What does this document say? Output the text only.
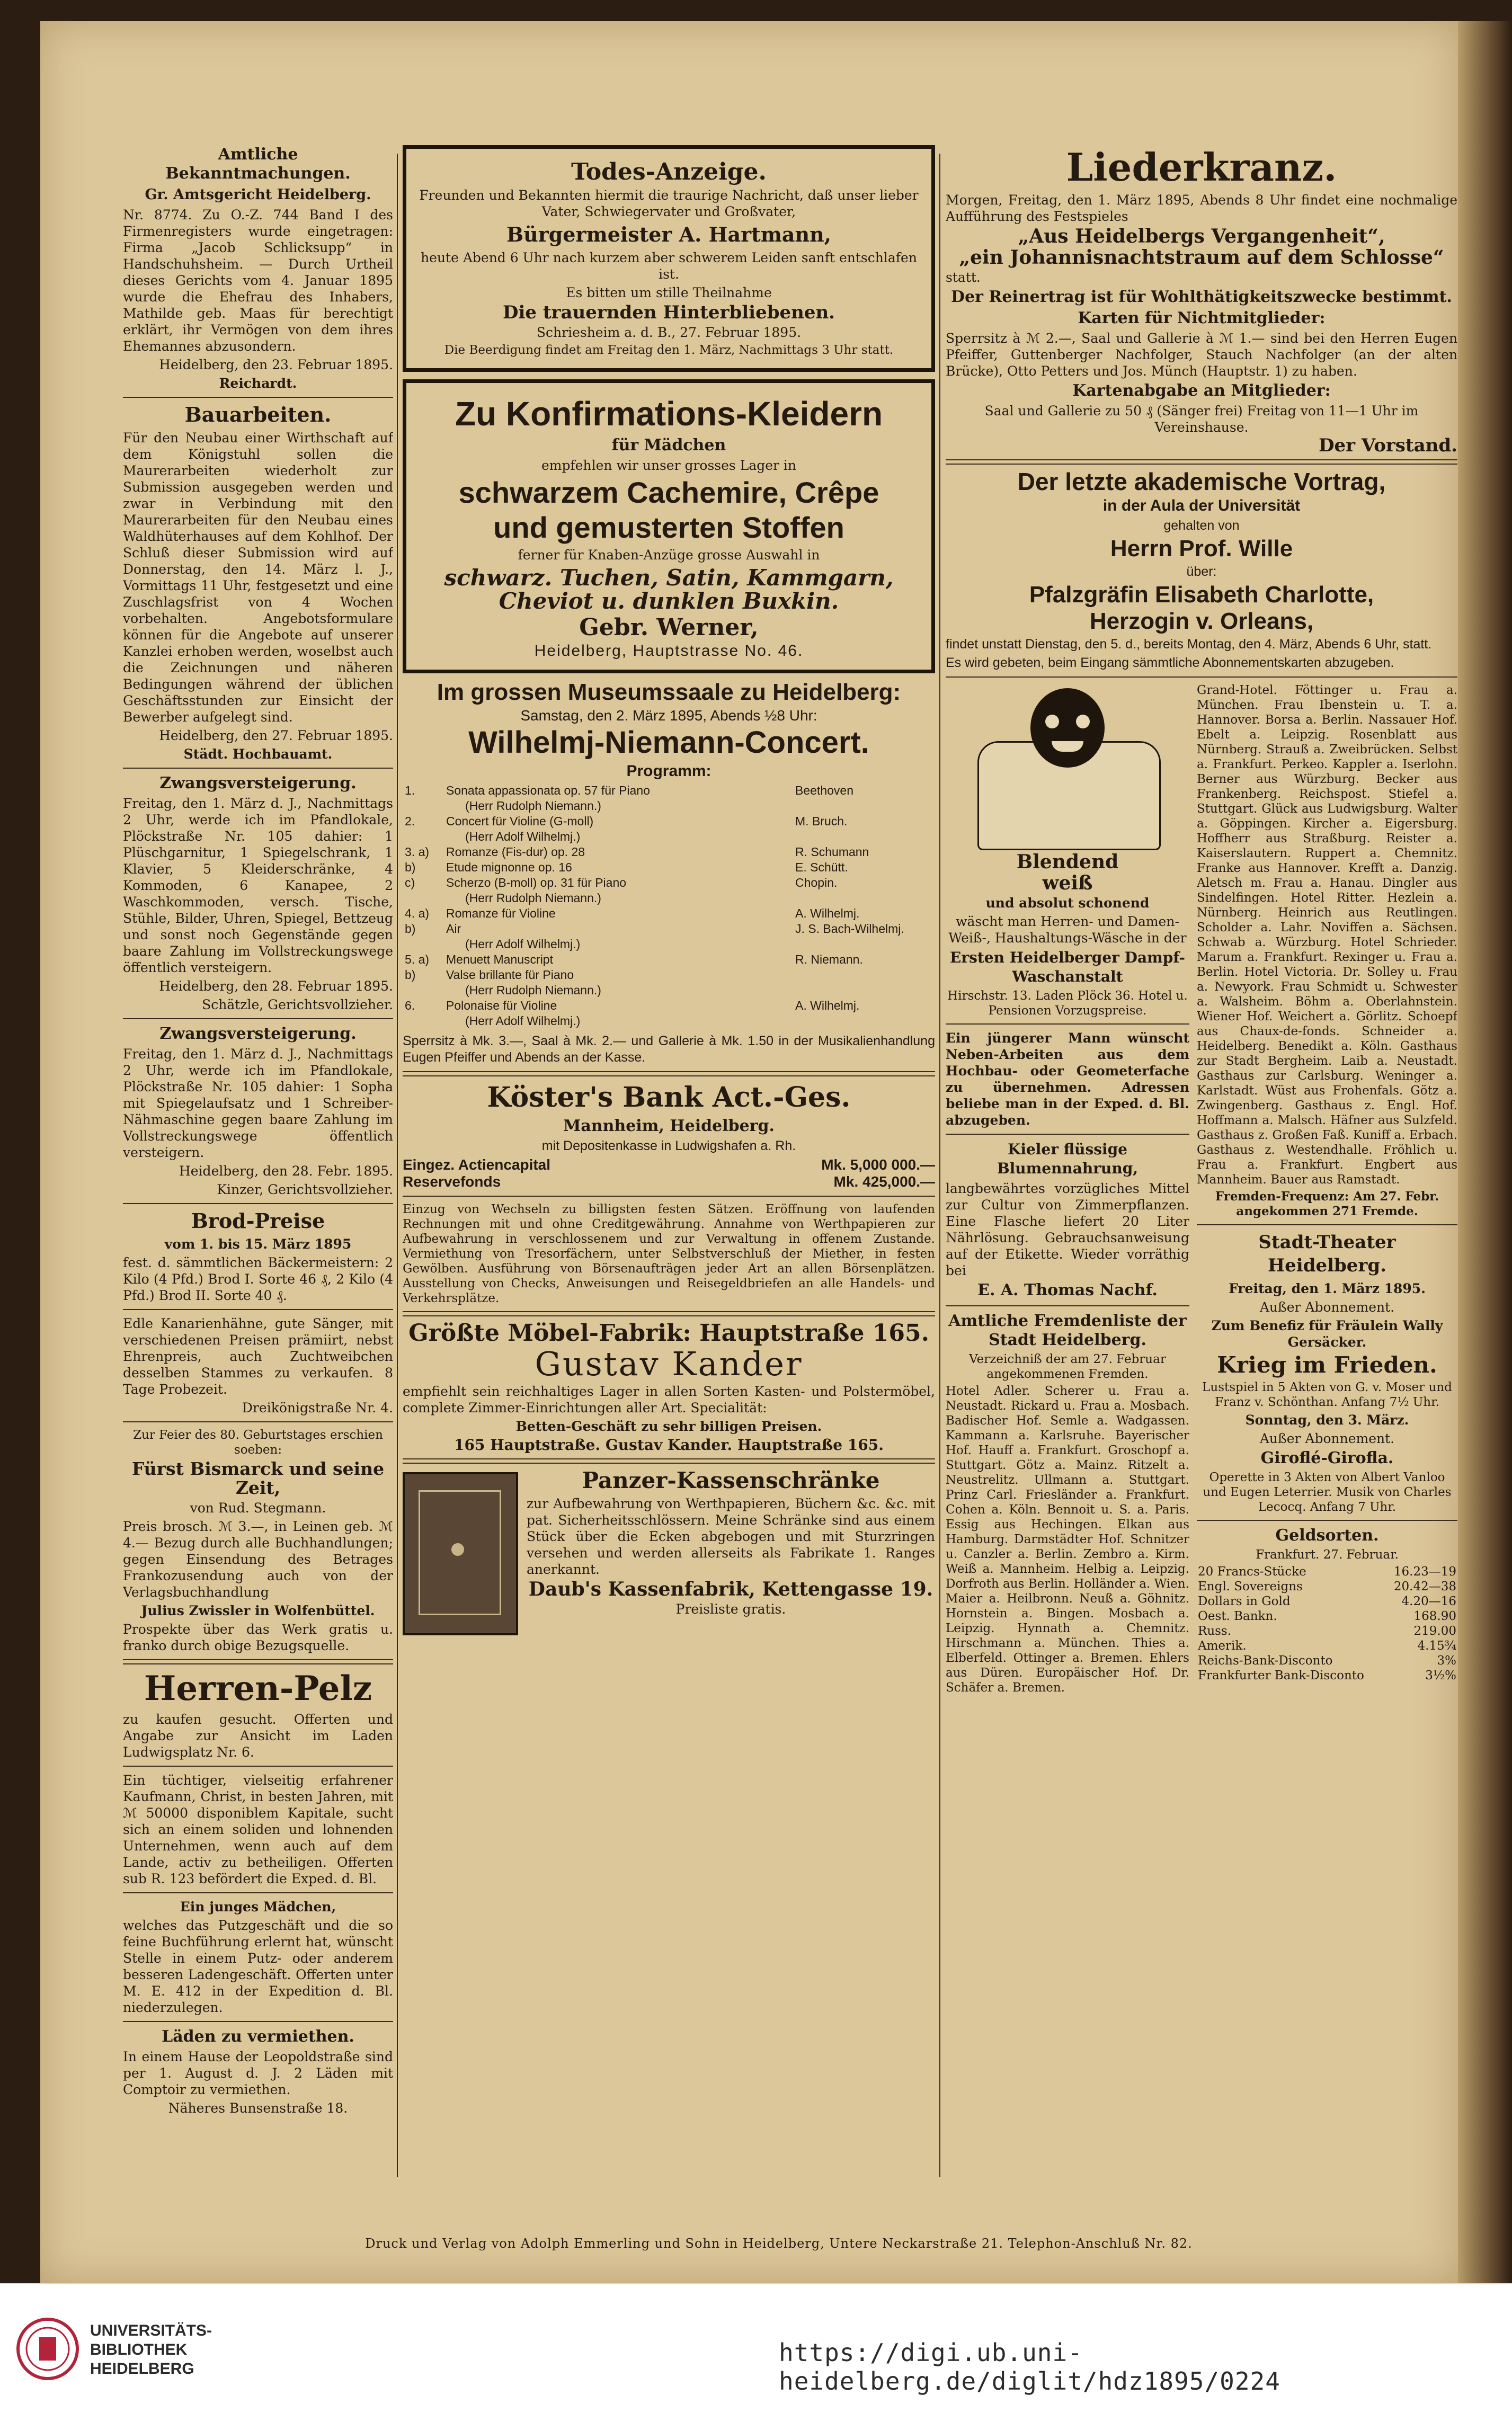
Amtliche Bekanntmachungen.

Gr. Amtsgericht Heidelberg.

Nr. 8774. Zu O.-Z. 744 Band I des Firmenregisters wurde eingetragen: Firma „Jacob Schlicksupp“ in Handschuhsheim. — Durch Urtheil dieses Gerichts vom 4. Januar 1895 wurde die Ehefrau des Inhabers, Mathilde geb. Maas für berechtigt erklärt, ihr Vermögen von dem ihres Ehemannes abzusondern.

Heidelberg, den 23. Februar 1895.

Reichardt.

Bauarbeiten.

Für den Neubau einer Wirthschaft auf dem Königstuhl sollen die Maurerarbeiten wiederholt zur Submission ausgegeben werden und zwar in Verbindung mit den Maurerarbeiten für den Neubau eines Waldhüterhauses auf dem Kohlhof. Der Schluß dieser Submission wird auf Donnerstag, den 14. März l. J., Vormittags 11 Uhr, festgesetzt und eine Zuschlagsfrist von 4 Wochen vorbehalten. Angebotsformulare können für die Angebote auf unserer Kanzlei erhoben werden, woselbst auch die Zeichnungen und näheren Bedingungen während der üblichen Geschäftsstunden zur Einsicht der Bewerber aufgelegt sind.

Heidelberg, den 27. Februar 1895.

Städt. Hochbauamt.

Zwangsversteigerung.

Freitag, den 1. März d. J., Nachmittags 2 Uhr, werde ich im Pfandlokale, Plöckstraße Nr. 105 dahier: 1 Plüschgarnitur, 1 Spiegelschrank, 1 Klavier, 5 Kleiderschränke, 4 Kommoden, 6 Kanapee, 2 Waschkommoden, versch. Tische, Stühle, Bilder, Uhren, Spiegel, Bettzeug und sonst noch Gegenstände gegen baare Zahlung im Vollstreckungswege öffentlich versteigern.

Heidelberg, den 28. Februar 1895.

Schätzle, Gerichtsvollzieher.

Zwangsversteigerung.

Freitag, den 1. März d. J., Nachmittags 2 Uhr, werde ich im Pfandlokale, Plöckstraße Nr. 105 dahier: 1 Sopha mit Spiegelaufsatz und 1 Schreiber-Nähmaschine gegen baare Zahlung im Vollstreckungswege öffentlich versteigern.

Heidelberg, den 28. Febr. 1895.

Kinzer, Gerichtsvollzieher.

Brod-Preise

vom 1. bis 15. März 1895

fest. d. sämmtlichen Bäckermeistern: 2 Kilo (4 Pfd.) Brod I. Sorte 46 ₰, 2 Kilo (4 Pfd.) Brod II. Sorte 40 ₰.

Edle Kanarienhähne, gute Sänger, mit verschiedenen Preisen prämiirt, nebst Ehrenpreis, auch Zuchtweibchen desselben Stammes zu verkaufen. 8 Tage Probezeit.

Dreikönigstraße Nr. 4.

Zur Feier des 80. Geburtstages erschien soeben:

Fürst Bismarck und seine Zeit,

von Rud. Stegmann.

Preis brosch. ℳ 3.—, in Leinen geb. ℳ 4.— Bezug durch alle Buchhandlungen; gegen Einsendung des Betrages Frankozusendung auch von der Verlagsbuchhandlung

Julius Zwissler in Wolfenbüttel.

Prospekte über das Werk gratis u. franko durch obige Bezugsquelle.

Herren-Pelz

zu kaufen gesucht. Offerten und Angabe zur Ansicht im Laden Ludwigsplatz Nr. 6.

Ein tüchtiger, vielseitig erfahrener Kaufmann, Christ, in besten Jahren, mit ℳ 50000 disponiblem Kapitale, sucht sich an einem soliden und lohnenden Unternehmen, wenn auch auf dem Lande, activ zu betheiligen. Offerten sub R. 123 befördert die Exped. d. Bl.

Ein junges Mädchen,

welches das Putzgeschäft und die so feine Buchführung erlernt hat, wünscht Stelle in einem Putz- oder anderem besseren Ladengeschäft. Offerten unter M. E. 412 in der Expedition d. Bl. niederzulegen.

Läden zu vermiethen.

In einem Hause der Leopoldstraße sind per 1. August d. J. 2 Läden mit Comptoir zu vermiethen.

Näheres Bunsenstraße 18.

Todes-Anzeige.

Freunden und Bekannten hiermit die traurige Nachricht, daß unser lieber Vater, Schwiegervater und Großvater,

Bürgermeister A. Hartmann,

heute Abend 6 Uhr nach kurzem aber schwerem Leiden sanft entschlafen ist.

Es bitten um stille Theilnahme

Die trauernden Hinterbliebenen.

Schriesheim a. d. B., 27. Februar 1895.

Die Beerdigung findet am Freitag den 1. März, Nachmittags 3 Uhr statt.

Zu Konfirmations-Kleidern

für Mädchen

empfehlen wir unser grosses Lager in

schwarzem Cachemire, Crêpe

und gemusterten Stoffen

ferner für Knaben-Anzüge grosse Auswahl in

schwarz. Tuchen, Satin, Kammgarn, Cheviot u. dunklen Buxkin.

Gebr. Werner,

Heidelberg, Hauptstrasse No. 46.

Im grossen Museumssaale zu Heidelberg:

Samstag, den 2. März 1895, Abends ½8 Uhr:

Wilhelmj-Niemann-Concert.

Programm:

1.	Sonata appassionata op. 57 für Piano	Beethoven
	(Herr Rudolph Niemann.)	
2.	Concert für Violine (G-moll)	M. Bruch.
	(Herr Adolf Wilhelmj.)	
3. a)	Romanze (Fis-dur) op. 28	R. Schumann
b)	Etude mignonne op. 16	E. Schütt.
c)	Scherzo (B-moll) op. 31 für Piano	Chopin.
	(Herr Rudolph Niemann.)	
4. a)	Romanze für Violine	A. Wilhelmj.
b)	Air	J. S. Bach-Wilhelmj.
	(Herr Adolf Wilhelmj.)	
5. a)	Menuett Manuscript	R. Niemann.
b)	Valse brillante für Piano	
	(Herr Rudolph Niemann.)	
6.	Polonaise für Violine	A. Wilhelmj.
	(Herr Adolf Wilhelmj.)	

Sperrsitz à Mk. 3.—, Saal à Mk. 2.— und Gallerie à Mk. 1.50 in der Musikalienhandlung Eugen Pfeiffer und Abends an der Kasse.

Köster's Bank Act.-Ges.

Mannheim, Heidelberg.

mit Depositenkasse in Ludwigshafen a. Rh.

Eingez. Actiencapital	Mk. 5,000 000.—
Reservefonds	Mk. 425,000.—

Einzug von Wechseln zu billigsten festen Sätzen. Eröffnung von laufenden Rechnungen mit und ohne Creditgewährung. Annahme von Werthpapieren zur Aufbewahrung in verschlossenem und zur Verwaltung in offenem Zustande. Vermiethung von Tresorfächern, unter Selbstverschluß der Miether, in festen Gewölben. Ausführung von Börsenaufträgen jeder Art an allen Börsenplätzen. Ausstellung von Checks, Anweisungen und Reisegeldbriefen an alle Handels- und Verkehrsplätze.

Größte Möbel-Fabrik: Hauptstraße 165.

Gustav Kander

empfiehlt sein reichhaltiges Lager in allen Sorten Kasten- und Polstermöbel, complete Zimmer-Einrichtungen aller Art. Specialität:

Betten-Geschäft zu sehr billigen Preisen.

165 Hauptstraße. Gustav Kander. Hauptstraße 165.

Panzer-Kassenschränke

zur Aufbewahrung von Werthpapieren, Büchern &c. &c. mit pat. Sicherheitsschlössern. Meine Schränke sind aus einem Stück über die Ecken abgebogen und mit Sturzringen versehen und werden allerseits als Fabrikate 1. Ranges anerkannt.

Daub's Kassenfabrik, Kettengasse 19.

Preisliste gratis.

Liederkranz.

Morgen, Freitag, den 1. März 1895, Abends 8 Uhr findet eine nochmalige Aufführung des Festspieles

„Aus Heidelbergs Vergangenheit“,

„ein Johannisnachtstraum auf dem Schlosse“

statt.

Der Reinertrag ist für Wohlthätigkeitszwecke bestimmt.

Karten für Nichtmitglieder:

Sperrsitz à ℳ 2.—, Saal und Gallerie à ℳ 1.— sind bei den Herren Eugen Pfeiffer, Guttenberger Nachfolger, Stauch Nachfolger (an der alten Brücke), Otto Petters und Jos. Münch (Hauptstr. 1) zu haben.

Kartenabgabe an Mitglieder:

Saal und Gallerie zu 50 ₰ (Sänger frei) Freitag von 11—1 Uhr im Vereinshause.

Der Vorstand.

Der letzte akademische Vortrag,

in der Aula der Universität

gehalten von

Herrn Prof. Wille

über:

Pfalzgräfin Elisabeth Charlotte,

Herzogin v. Orleans,

findet unstatt Dienstag, den 5. d., bereits Montag, den 4. März, Abends 6 Uhr, statt.

Es wird gebeten, beim Eingang sämmtliche Abonnementskarten abzugeben.

Blendend

weiß

und absolut schonend

wäscht man Herren- und Damen-Weiß-, Haushaltungs-Wäsche in der

Ersten Heidelberger Dampf-Waschanstalt

Hirschstr. 13. Laden Plöck 36. Hotel u. Pensionen Vorzugspreise.

Ein jüngerer Mann wünscht Neben-Arbeiten aus dem Hochbau- oder Geometerfache zu übernehmen. Adressen beliebe man in der Exped. d. Bl. abzugeben.

Kieler flüssige Blumennahrung,

langbewährtes vorzügliches Mittel zur Cultur von Zimmerpflanzen. Eine Flasche liefert 20 Liter Nährlösung. Gebrauchsanweisung auf der Etikette. Wieder vorräthig bei

E. A. Thomas Nachf.

Amtliche Fremdenliste der Stadt Heidelberg.

Verzeichniß der am 27. Februar angekommenen Fremden.

Hotel Adler. Scherer u. Frau a. Neustadt. Rickard u. Frau a. Mosbach. Badischer Hof. Semle a. Wadgassen. Kammann a. Karlsruhe. Bayerischer Hof. Hauff a. Frankfurt. Groschopf a. Stuttgart. Götz a. Mainz. Ritzelt a. Neustrelitz. Ullmann a. Stuttgart. Prinz Carl. Friesländer a. Frankfurt. Cohen a. Köln. Bennoit u. S. a. Paris. Essig aus Hechingen. Elkan aus Hamburg. Darmstädter Hof. Schnitzer u. Canzler a. Berlin. Zembro a. Kirm. Weiß a. Mannheim. Helbig a. Leipzig. Dorfroth aus Berlin. Holländer a. Wien. Maier a. Heilbronn. Neuß a. Göhnitz. Hornstein a. Bingen. Mosbach a. Leipzig. Hynnath a. Chemnitz. Hirschmann a. München. Thies a. Elberfeld. Ottinger a. Bremen. Ehlers aus Düren. Europäischer Hof. Dr. Schäfer a. Bremen.

Grand-Hotel. Föttinger u. Frau a. München. Frau Ibenstein u. T. a. Hannover. Borsa a. Berlin. Nassauer Hof. Ebelt a. Leipzig. Rosenblatt aus Nürnberg. Strauß a. Zweibrücken. Selbst a. Frankfurt. Perkeo. Kappler a. Iserlohn. Berner aus Würzburg. Becker aus Frankenberg. Reichspost. Stiefel a. Stuttgart. Glück aus Ludwigsburg. Walter a. Göppingen. Kircher a. Eigersburg. Hoffherr aus Straßburg. Reister a. Kaiserslautern. Ruppert a. Chemnitz. Franke aus Hannover. Krefft a. Danzig. Aletsch m. Frau a. Hanau. Dingler aus Sindelfingen. Hotel Ritter. Hezlein a. Nürnberg. Heinrich aus Reutlingen. Scholder a. Lahr. Noviffen a. Sächsen. Schwab a. Würzburg. Hotel Schrieder. Marum a. Frankfurt. Rexinger u. Frau a. Berlin. Hotel Victoria. Dr. Solley u. Frau a. Newyork. Frau Schmidt u. Schwester a. Walsheim. Böhm a. Oberlahnstein. Wiener Hof. Weichert a. Görlitz. Schoepf aus Chaux-de-fonds. Schneider a. Heidelberg. Benedikt a. Köln. Gasthaus zur Stadt Bergheim. Laib a. Neustadt. Gasthaus zur Carlsburg. Weninger a. Karlstadt. Wüst aus Frohenfals. Götz a. Zwingenberg. Gasthaus z. Engl. Hof. Hoffmann a. Malsch. Häfner aus Sulzfeld. Gasthaus z. Großen Faß. Kuniff a. Erbach. Gasthaus z. Westendhalle. Fröhlich u. Frau a. Frankfurt. Engbert aus Mannheim. Bauer aus Ramstadt.

Fremden-Frequenz: Am 27. Febr. angekommen 271 Fremde.

Stadt-Theater Heidelberg.

Freitag, den 1. März 1895.

Außer Abonnement.

Zum Benefiz für Fräulein Wally Gersäcker.

Krieg im Frieden.

Lustspiel in 5 Akten von G. v. Moser und Franz v. Schönthan. Anfang 7½ Uhr.

Sonntag, den 3. März.

Außer Abonnement.

Giroflé-Girofla.

Operette in 3 Akten von Albert Vanloo und Eugen Leterrier. Musik von Charles Lecocq. Anfang 7 Uhr.

Geldsorten.

Frankfurt. 27. Februar.

20 Francs-Stücke	16.23—19
Engl. Sovereigns	20.42—38
Dollars in Gold	4.20—16
Oest. Bankn.	168.90
Russ.	219.00
Amerik.	4.15¾
Reichs-Bank-Disconto	3%
Frankfurter Bank-Disconto	3½%

Druck und Verlag von Adolph Emmerling und Sohn in Heidelberg, Untere Neckarstraße 21. Telephon-Anschluß Nr. 82.

UNIVERSITÄTS-
BIBLIOTHEK
HEIDELBERG
https://digi.ub.uni-heidelberg.de/diglit/hdz1895/0224
